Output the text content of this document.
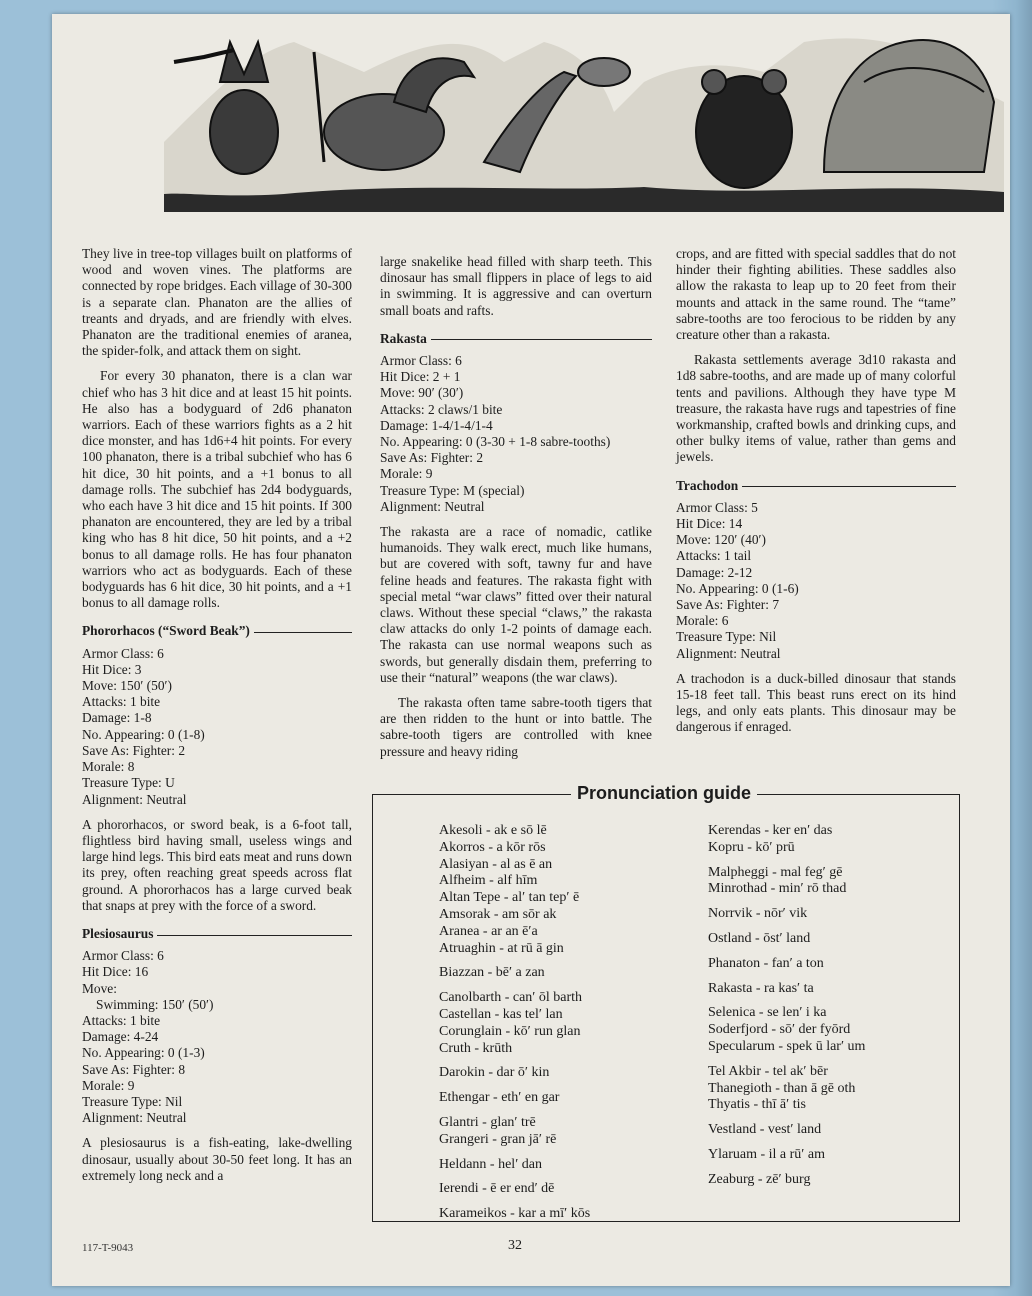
They live in tree-top villages built on platforms of wood and woven vines. The platforms are connected by rope bridges. Each village of 30-300 is a separate clan. Phanaton are the allies of treants and dryads, and are friendly with elves. Phanaton are the traditional enemies of aranea, the spider-folk, and attack them on sight.

For every 30 phanaton, there is a clan war chief who has 3 hit dice and at least 15 hit points. He also has a bodyguard of 2d6 phanaton warriors. Each of these warriors fights as a 2 hit dice monster, and has 1d6+4 hit points. For every 100 phanaton, there is a tribal subchief who has 6 hit dice, 30 hit points, and a +1 bonus to all damage rolls. The subchief has 2d4 bodyguards, who each have 3 hit dice and 15 hit points. If 300 phanaton are encountered, they are led by a tribal king who has 8 hit dice, 50 hit points, and a +2 bonus to all damage rolls. He has four phanaton warriors who act as bodyguards. Each of these bodyguards has 6 hit dice, 30 hit points, and a +1 bonus to all damage rolls.

Phororhacos (“Sword Beak”)
Armor Class: 6
Hit Dice: 3
Move: 150′ (50′)
Attacks: 1 bite
Damage: 1-8
No. Appearing: 0 (1-8)
Save As: Fighter: 2
Morale: 8
Treasure Type: U
Alignment: Neutral

A phororhacos, or sword beak, is a 6-foot tall, flightless bird having small, useless wings and large hind legs. This bird eats meat and runs down its prey, often reaching great speeds across flat ground. A phororhacos has a large curved beak that snaps at prey with the force of a sword.

Plesiosaurus
Armor Class: 6
Hit Dice: 16
Move:
Swimming: 150′ (50′)
Attacks: 1 bite
Damage: 4-24
No. Appearing: 0 (1-3)
Save As: Fighter: 8
Morale: 9
Treasure Type: Nil
Alignment: Neutral

A plesiosaurus is a fish-eating, lake-dwelling dinosaur, usually about 30-50 feet long. It has an extremely long neck and a

large snakelike head filled with sharp teeth. This dinosaur has small flippers in place of legs to aid in swimming. It is aggressive and can overturn small boats and rafts.

Rakasta
Armor Class: 6
Hit Dice: 2 + 1
Move: 90′ (30′)
Attacks: 2 claws/1 bite
Damage: 1-4/1-4/1-4
No. Appearing: 0 (3-30 + 1-8 sabre-tooths)
Save As: Fighter: 2
Morale: 9
Treasure Type: M (special)
Alignment: Neutral

The rakasta are a race of nomadic, catlike humanoids. They walk erect, much like humans, but are covered with soft, tawny fur and have feline heads and features. The rakasta fight with special metal “war claws” fitted over their natural claws. Without these special “claws,” the rakasta claw attacks do only 1-2 points of damage each. The rakasta can use normal weapons such as swords, but generally disdain them, preferring to use their “natural” weapons (the war claws).

The rakasta often tame sabre-tooth tigers that are then ridden to the hunt or into battle. The sabre-tooth tigers are controlled with knee pressure and heavy riding

crops, and are fitted with special saddles that do not hinder their fighting abilities. These saddles also allow the rakasta to leap up to 20 feet from their mounts and attack in the same round. The “tame” sabre-tooths are too ferocious to be ridden by any creature other than a rakasta.

Rakasta settlements average 3d10 rakasta and 1d8 sabre-tooths, and are made up of many colorful tents and pavilions. Although they have type M treasure, the rakasta have rugs and tapestries of fine workmanship, crafted bowls and drinking cups, and other bulky items of value, rather than gems and jewels.

Trachodon
Armor Class: 5
Hit Dice: 14
Move: 120′ (40′)
Attacks: 1 tail
Damage: 2-12
No. Appearing: 0 (1-6)
Save As: Fighter: 7
Morale: 6
Treasure Type: Nil
Alignment: Neutral

A trachodon is a duck-billed dinosaur that stands 15-18 feet tall. This beast runs erect on its hind legs, and only eats plants. This dinosaur may be dangerous if enraged.

Pronunciation guide
Akesoli - ak e sō lē
Akorros - a kōr rōs
Alasiyan - al as ē an
Alfheim - alf hīm
Altan Tepe - al′ tan tep′ ē
Amsorak - am sōr ak
Aranea - ar an ē′a
Atruaghin - at rū ā gin
Biazzan - bē′ a zan
Canolbarth - can′ ōl barth
Castellan - kas tel′ lan
Corunglain - kō′ run glan
Cruth - krūth
Darokin - dar ō′ kin
Ethengar - eth′ en gar
Glantri - glan′ trē
Grangeri - gran jā′ rē
Heldann - hel′ dan
Ierendi - ē er end′ dē
Karameikos - kar a mī′ kōs
Kerendas - ker en′ das
Kopru - kō′ prū
Malpheggi - mal feg′ gē
Minrothad - min′ rō thad
Norrvik - nōr′ vik
Ostland - ōst′ land
Phanaton - fan′ a ton
Rakasta - ra kas′ ta
Selenica - se len′ i ka
Soderfjord - sō′ der fyōrd
Specularum - spek ū lar′ um
Tel Akbir - tel ak′ bēr
Thanegioth - than ā gē oth
Thyatis - thī ā′ tis
Vestland - vest′ land
Ylaruam - il a rū′ am
Zeaburg - zē′ burg
117-T-9043	32
